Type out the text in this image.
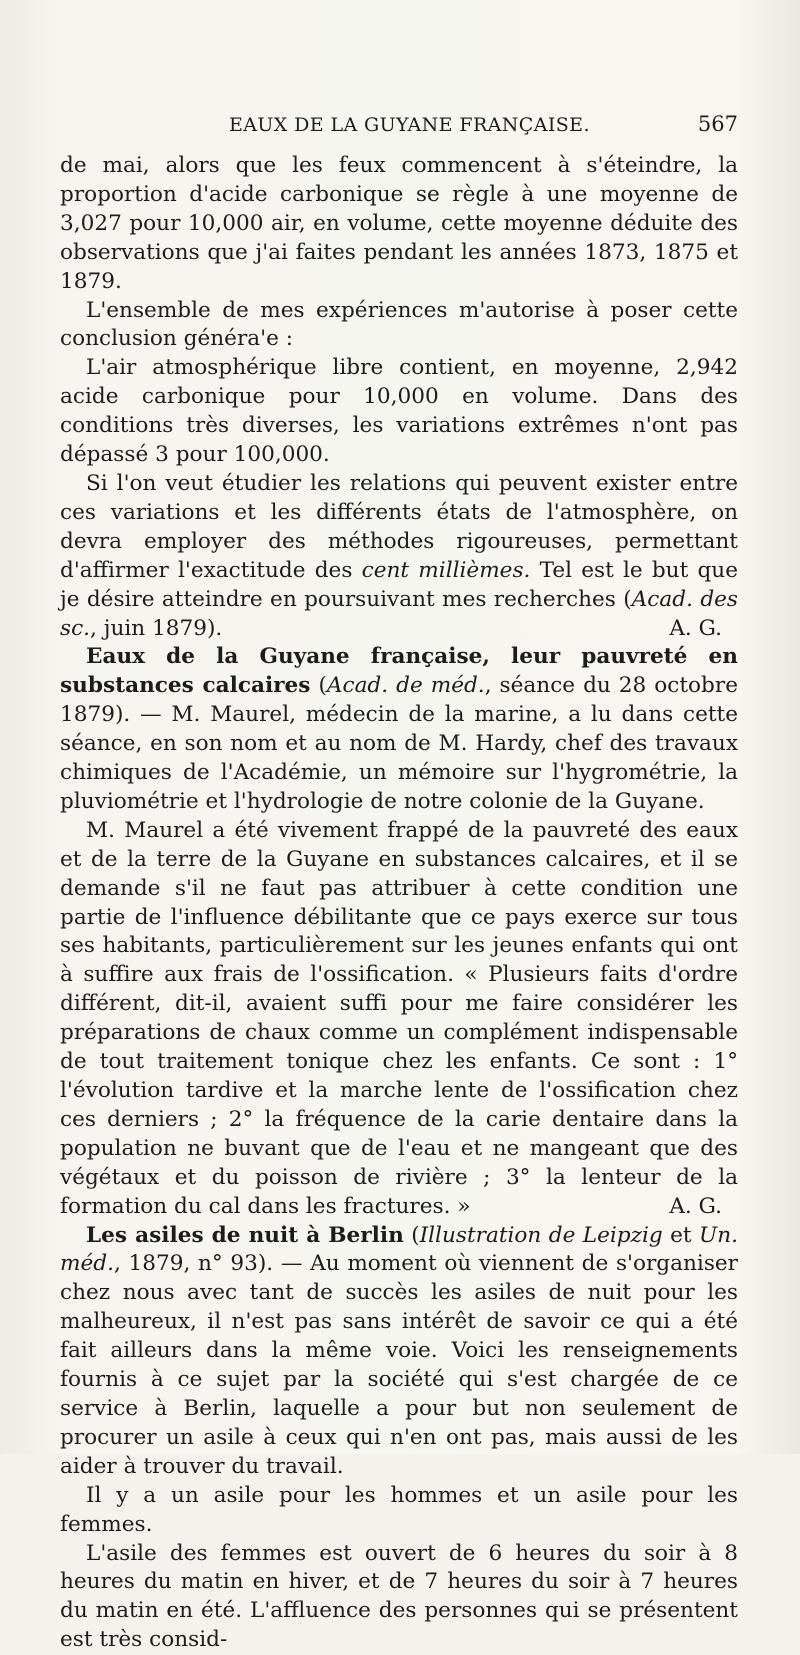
EAUX DE LA GUYANE FRANÇAISE.	567

de mai, alors que les feux commencent à s'éteindre, la proportion d'acide carbonique se règle à une moyenne de 3,027 pour 10,000 air, en volume, cette moyenne déduite des observations que j'ai faites pendant les années 1873, 1875 et 1879.

L'ensemble de mes expériences m'autorise à poser cette conclusion généra'e :

L'air atmosphérique libre contient, en moyenne, 2,942 acide carbonique pour 10,000 en volume. Dans des conditions très diverses, les variations extrêmes n'ont pas dépassé 3 pour 100,000.

Si l'on veut étudier les relations qui peuvent exister entre ces variations et les différents états de l'atmosphère, on devra employer des méthodes rigoureuses, permettant d'affirmer l'exactitude des cent millièmes. Tel est le but que je désire atteindre en poursuivant mes recherches (Acad. des sc., juin 1879).	A. G.

Eaux de la Guyane française, leur pauvreté en substances calcaires (Acad. de méd., séance du 28 octobre 1879). — M. Maurel, médecin de la marine, a lu dans cette séance, en son nom et au nom de M. Hardy, chef des travaux chimiques de l'Académie, un mémoire sur l'hygrométrie, la pluviométrie et l'hydrologie de notre colonie de la Guyane.

M. Maurel a été vivement frappé de la pauvreté des eaux et de la terre de la Guyane en substances calcaires, et il se demande s'il ne faut pas attribuer à cette condition une partie de l'influence débilitante que ce pays exerce sur tous ses habitants, particulièrement sur les jeunes enfants qui ont à suffire aux frais de l'ossification. « Plusieurs faits d'ordre différent, dit-il, avaient suffi pour me faire considérer les préparations de chaux comme un complément indispensable de tout traitement tonique chez les enfants. Ce sont : 1° l'évolution tardive et la marche lente de l'ossification chez ces derniers ; 2° la fréquence de la carie dentaire dans la population ne buvant que de l'eau et ne mangeant que des végétaux et du poisson de rivière ; 3° la lenteur de la formation du cal dans les fractures. »	A. G.

Les asiles de nuit à Berlin (Illustration de Leipzig et Un. méd., 1879, n° 93). — Au moment où viennent de s'organiser chez nous avec tant de succès les asiles de nuit pour les malheureux, il n'est pas sans intérêt de savoir ce qui a été fait ailleurs dans la même voie. Voici les renseignements fournis à ce sujet par la société qui s'est chargée de ce service à Berlin, laquelle a pour but non seulement de procurer un asile à ceux qui n'en ont pas, mais aussi de les aider à trouver du travail.

Il y a un asile pour les hommes et un asile pour les femmes.

L'asile des femmes est ouvert de 6 heures du soir à 8 heures du matin en hiver, et de 7 heures du soir à 7 heures du matin en été. L'affluence des personnes qui se présentent est très consid-
